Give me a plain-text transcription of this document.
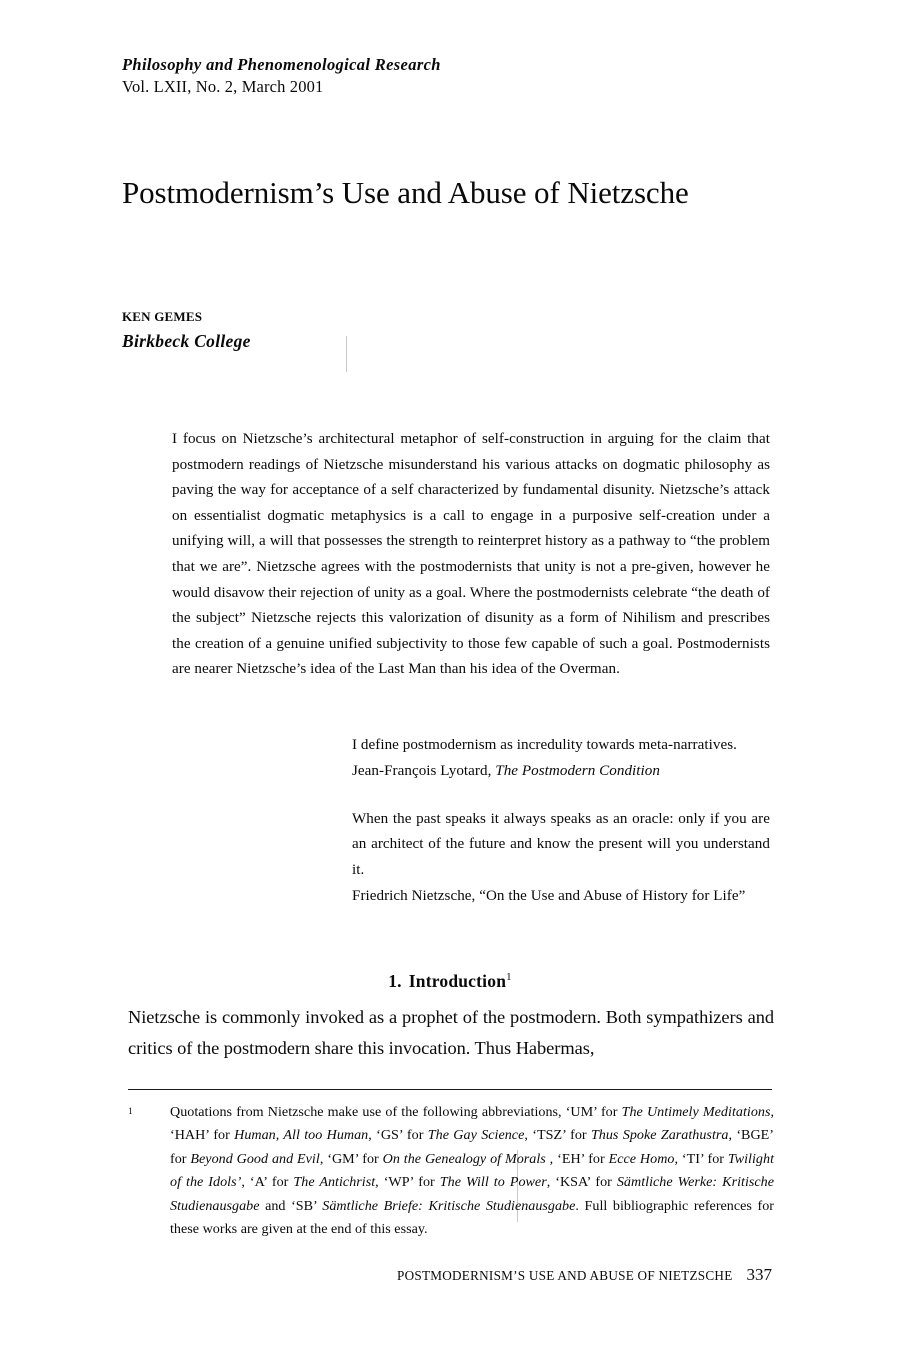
Philosophy and Phenomenological Research
Vol. LXII, No. 2, March 2001
Postmodernism’s Use and Abuse of Nietzsche
KEN GEMES
Birkbeck College
I focus on Nietzsche’s architectural metaphor of self-construction in arguing for the claim that postmodern readings of Nietzsche misunderstand his various attacks on dogmatic philosophy as paving the way for acceptance of a self characterized by fundamental disunity. Nietzsche’s attack on essentialist dogmatic metaphysics is a call to engage in a purposive self-creation under a unifying will, a will that possesses the strength to reinterpret history as a pathway to “the problem that we are”. Nietzsche agrees with the postmodernists that unity is not a pre-given, however he would disavow their rejection of unity as a goal. Where the postmodernists celebrate “the death of the subject” Nietzsche rejects this valorization of disunity as a form of Nihilism and prescribes the creation of a genuine unified subjectivity to those few capable of such a goal. Postmodernists are nearer Nietzsche’s idea of the Last Man than his idea of the Overman.
I define postmodernism as incredulity towards meta-narratives.
Jean-François Lyotard, The Postmodern Condition
When the past speaks it always speaks as an oracle: only if you are an architect of the future and know the present will you understand it.
Friedrich Nietzsche, “On the Use and Abuse of History for Life”
1. Introduction$^1$
Nietzsche is commonly invoked as a prophet of the postmodern. Both sympathizers and critics of the postmodern share this invocation. Thus Habermas,
1	Quotations from Nietzsche make use of the following abbreviations, ‘UM’ for The Untimely Meditations, ‘HAH’ for Human, All too Human, ‘GS’ for The Gay Science, ‘TSZ’ for Thus Spoke Zarathustra, ‘BGE’ for Beyond Good and Evil, ‘GM’ for On the Genealogy of Morals , ‘EH’ for Ecce Homo, ‘TI’ for Twilight of the Idols’, ‘A’ for The Antichrist, ‘WP’ for The Will to Power, ‘KSA’ for Sämtliche Werke: Kritische Studienausgabe and ‘SB’ Sämtliche Briefe: Kritische Studienausgabe. Full bibliographic references for these works are given at the end of this essay.
POSTMODERNISM’S USE AND ABUSE OF NIETZSCHE 337
